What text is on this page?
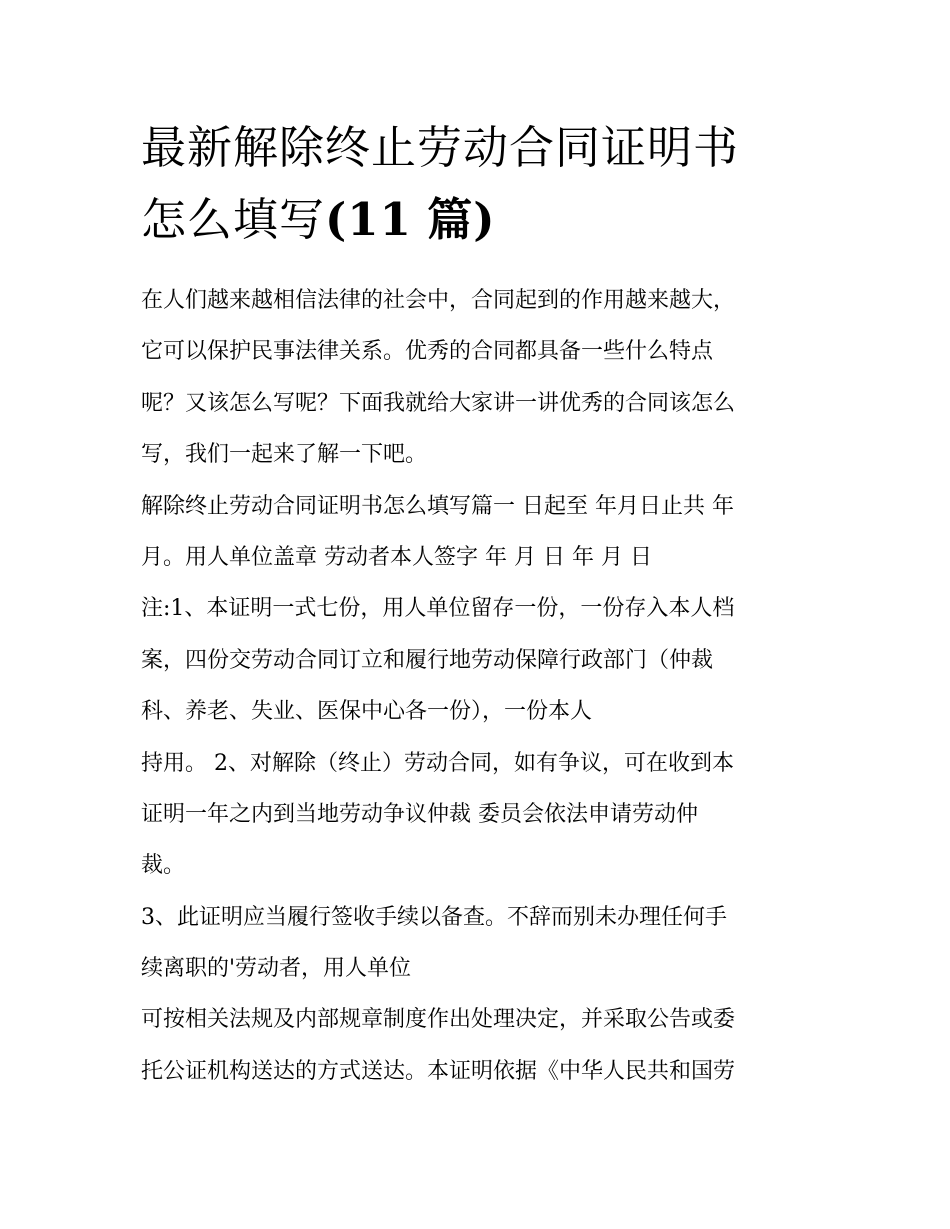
最新解除终止劳动合同证明书
怎么填写(11 篇)
在人们越来越相信法律的社会中，合同起到的作用越来越大，
它可以保护民事法律关系。优秀的合同都具备一些什么特点
呢？又该怎么写呢？下面我就给大家讲一讲优秀的合同该怎么
写，我们一起来了解一下吧。
解除终止劳动合同证明书怎么填写篇一 日起至 年月日止共 年
月。用人单位盖章 劳动者本人签字 年 月 日 年 月 日
注:1、本证明一式七份，用人单位留存一份，一份存入本人档
案，四份交劳动合同订立和履行地劳动保障行政部门（仲裁
科、养老、失业、医保中心各一份），一份本人
持用。 2、对解除（终止）劳动合同，如有争议，可在收到本
证明一年之内到当地劳动争议仲裁 委员会依法申请劳动仲
裁。
3、此证明应当履行签收手续以备查。不辞而别未办理任何手
续离职的'劳动者，用人单位
可按相关法规及内部规章制度作出处理决定，并采取公告或委
托公证机构送达的方式送达。本证明依据《中华人民共和国劳
